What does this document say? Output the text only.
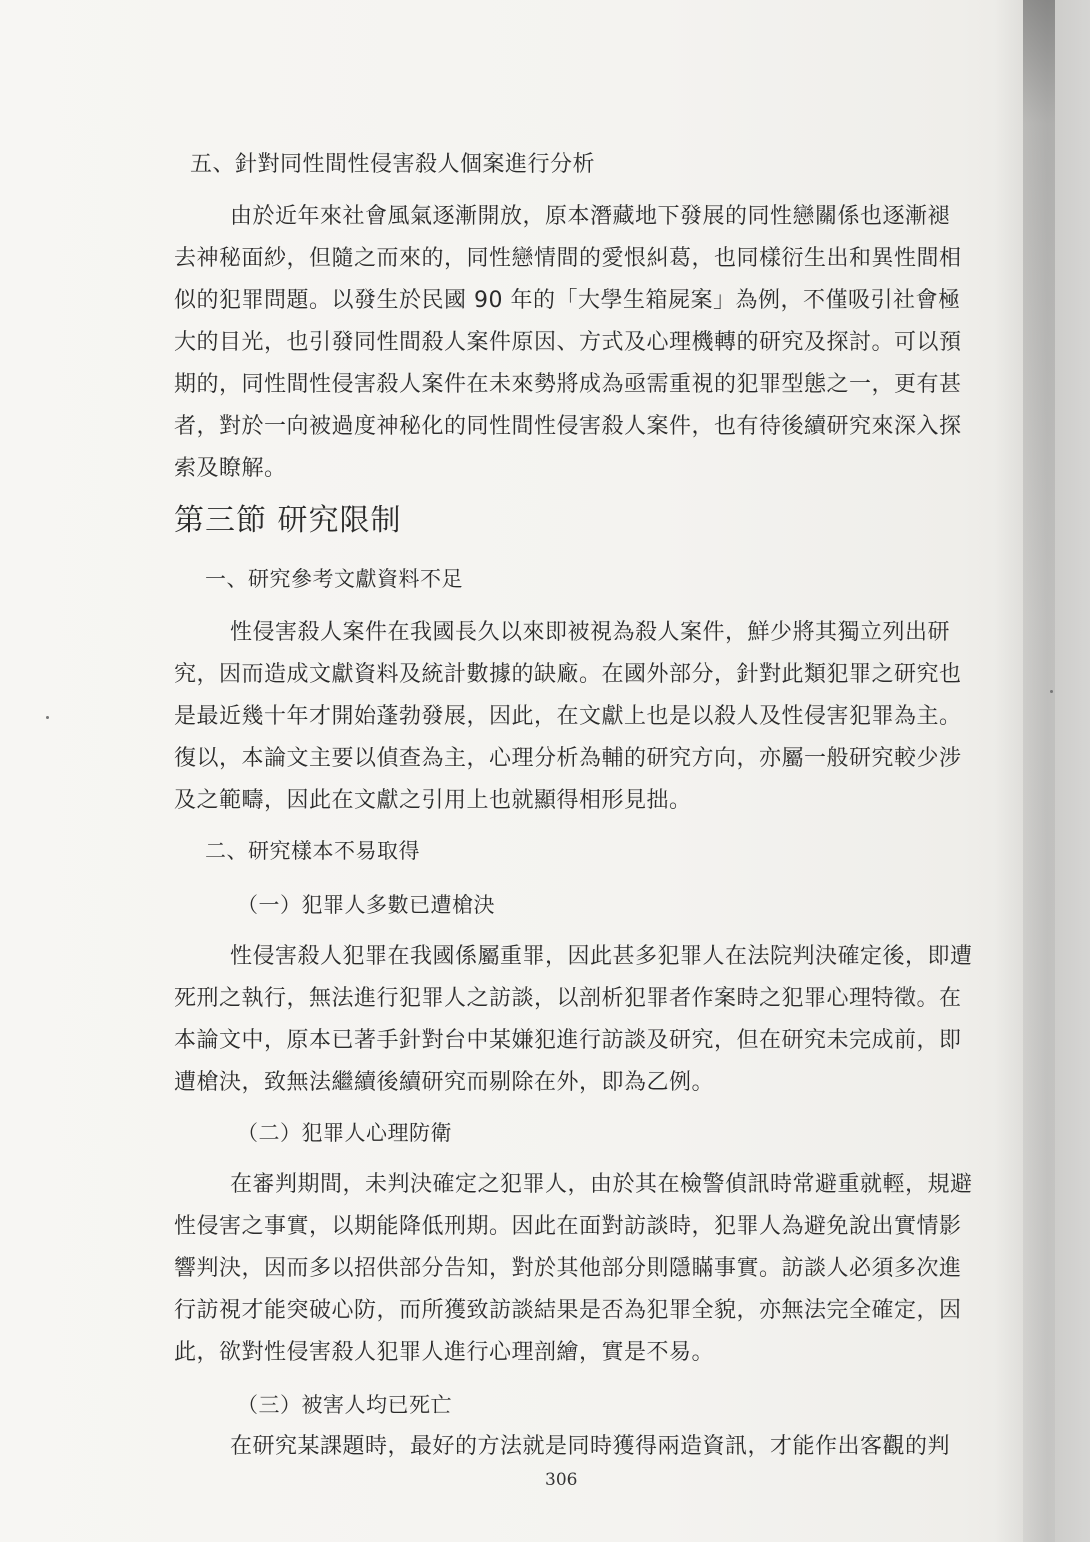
五、針對同性間性侵害殺人個案進行分析
由於近年來社會風氣逐漸開放，原本潛藏地下發展的同性戀關係也逐漸褪
去神秘面紗，但隨之而來的，同性戀情間的愛恨糾葛，也同樣衍生出和異性間相
似的犯罪問題。以發生於民國 90 年的「大學生箱屍案」為例，不僅吸引社會極
大的目光，也引發同性間殺人案件原因、方式及心理機轉的研究及探討。可以預
期的，同性間性侵害殺人案件在未來勢將成為亟需重視的犯罪型態之一，更有甚
者，對於一向被過度神秘化的同性間性侵害殺人案件，也有待後續研究來深入探
索及瞭解。
第三節 研究限制
一、研究參考文獻資料不足
性侵害殺人案件在我國長久以來即被視為殺人案件，鮮少將其獨立列出研
究，因而造成文獻資料及統計數據的缺廠。在國外部分，針對此類犯罪之研究也
是最近幾十年才開始蓬勃發展，因此，在文獻上也是以殺人及性侵害犯罪為主。
復以，本論文主要以偵查為主，心理分析為輔的研究方向，亦屬一般研究較少涉
及之範疇，因此在文獻之引用上也就顯得相形見拙。
二、研究樣本不易取得
（一）犯罪人多數已遭槍決
性侵害殺人犯罪在我國係屬重罪，因此甚多犯罪人在法院判決確定後，即遭
死刑之執行，無法進行犯罪人之訪談，以剖析犯罪者作案時之犯罪心理特徵。在
本論文中，原本已著手針對台中某嫌犯進行訪談及研究，但在研究未完成前，即
遭槍決，致無法繼續後續研究而剔除在外，即為乙例。
（二）犯罪人心理防衛
在審判期間，未判決確定之犯罪人，由於其在檢警偵訊時常避重就輕，規避
性侵害之事實，以期能降低刑期。因此在面對訪談時，犯罪人為避免說出實情影
響判決，因而多以招供部分告知，對於其他部分則隱瞞事實。訪談人必須多次進
行訪視才能突破心防，而所獲致訪談結果是否為犯罪全貌，亦無法完全確定，因
此，欲對性侵害殺人犯罪人進行心理剖繪，實是不易。
（三）被害人均已死亡
在研究某課題時，最好的方法就是同時獲得兩造資訊，才能作出客觀的判
306
